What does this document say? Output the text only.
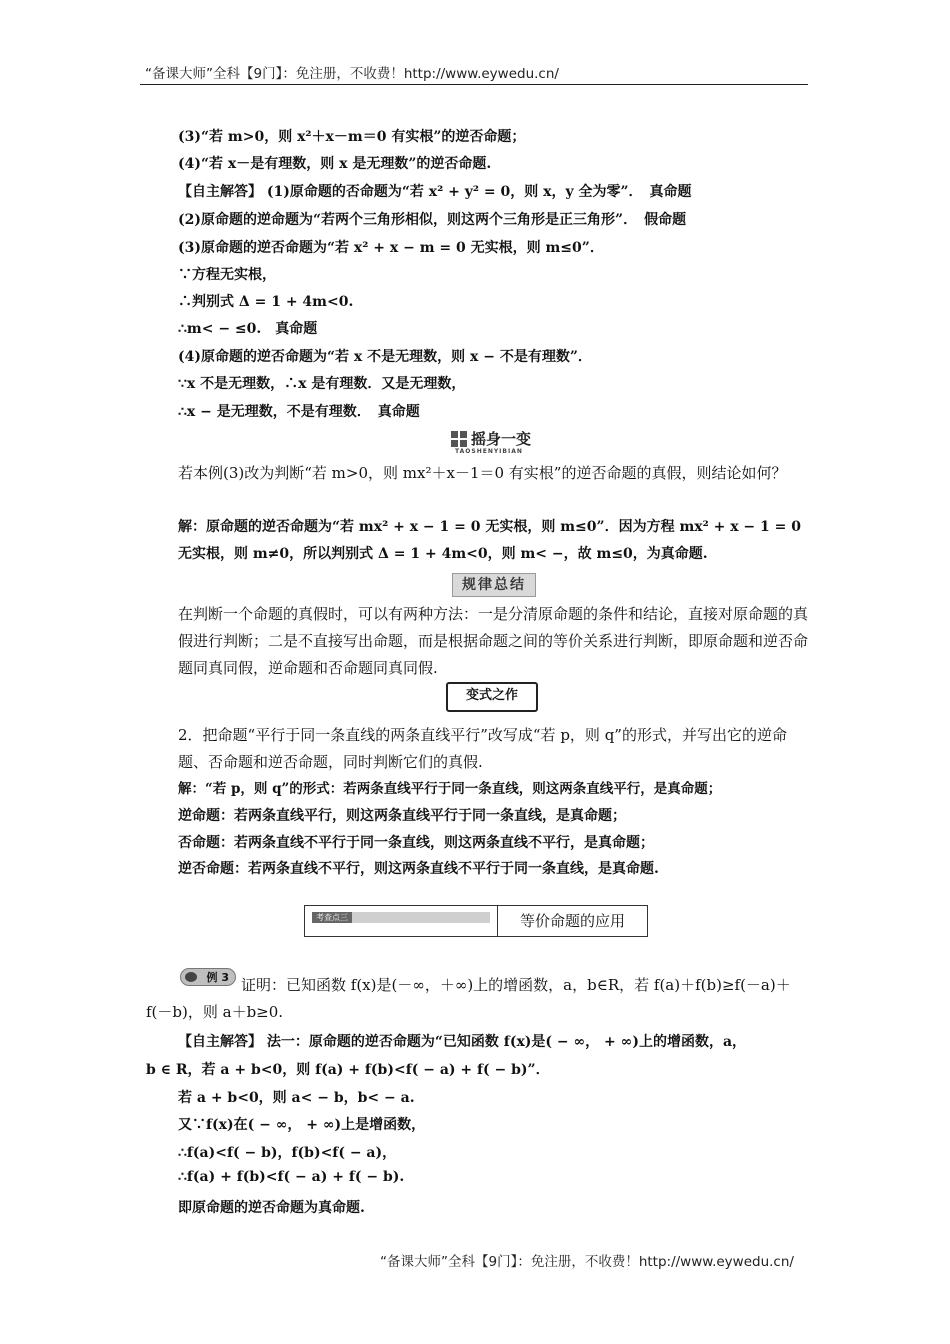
“备课大师”全科【9门】：免注册，不收费！http://www.eywedu.cn/
(3)“若 m>0，则 x²＋x－m＝0 有实根”的逆否命题；
(4)“若 x－是有理数，则 x 是无理数”的逆否命题.
【自主解答】 (1)原命题的否命题为“若 x² + y² = 0，则 x，y 全为零”．　真命题
(2)原命题的逆命题为“若两个三角形相似，则这两个三角形是正三角形”．　假命题
(3)原命题的逆否命题为“若 x² + x − m = 0 无实根，则 m≤0”．
∵方程无实根，
∴判别式 Δ = 1 + 4m<0.
∴m< − ≤0.　真命题
(4)原命题的逆否命题为“若 x 不是无理数，则 x − 不是有理数”．
∵x 不是无理数，∴x 是有理数．又是无理数，
∴x − 是无理数，不是有理数．　真命题
摇身一变
TAOSHENYIBIAN
若本例(3)改为判断“若 m>0，则 mx²＋x－1＝0 有实根”的逆否命题的真假，则结论如何？
解：原命题的逆否命题为“若 mx² + x − 1 = 0 无实根，则 m≤0”．因为方程 mx² + x − 1 = 0 无实根，则 m≠0，所以判别式 Δ = 1 + 4m<0，则 m< −，故 m≤0，为真命题.
规律总结
在判断一个命题的真假时，可以有两种方法：一是分清原命题的条件和结论，直接对原命题的真假进行判断；二是不直接写出命题，而是根据命题之间的等价关系进行判断，即原命题和逆否命题同真同假，逆命题和否命题同真同假.
变式之作
2．把命题“平行于同一条直线的两条直线平行”改写成“若 p，则 q”的形式，并写出它的逆命题、否命题和逆否命题，同时判断它们的真假.
解：“若 p，则 q”的形式：若两条直线平行于同一条直线，则这两条直线平行，是真命题；
逆命题：若两条直线平行，则这两条直线平行于同一条直线，是真命题；
否命题：若两条直线不平行于同一条直线，则这两条直线不平行，是真命题；
逆否命题：若两条直线不平行，则这两条直线不平行于同一条直线，是真命题.
考查点三	等价命题的应用
例 3 证明：已知函数 f(x)是(－∞，＋∞)上的增函数，a，b∈R，若 f(a)＋f(b)≥f(－a)＋
f(－b)，则 a＋b≥0.
【自主解答】 法一：原命题的逆否命题为“已知函数 f(x)是( − ∞， + ∞)上的增函数，a，
b ∈ R，若 a + b<0，则 f(a) + f(b)<f( − a) + f( − b)”．
若 a + b<0，则 a< − b，b< − a.
又∵f(x)在( − ∞， + ∞)上是增函数，
∴f(a)<f( − b)，f(b)<f( − a)，
∴f(a) + f(b)<f( − a) + f( − b).
即原命题的逆否命题为真命题.
“备课大师”全科【9门】：免注册，不收费！http://www.eywedu.cn/
